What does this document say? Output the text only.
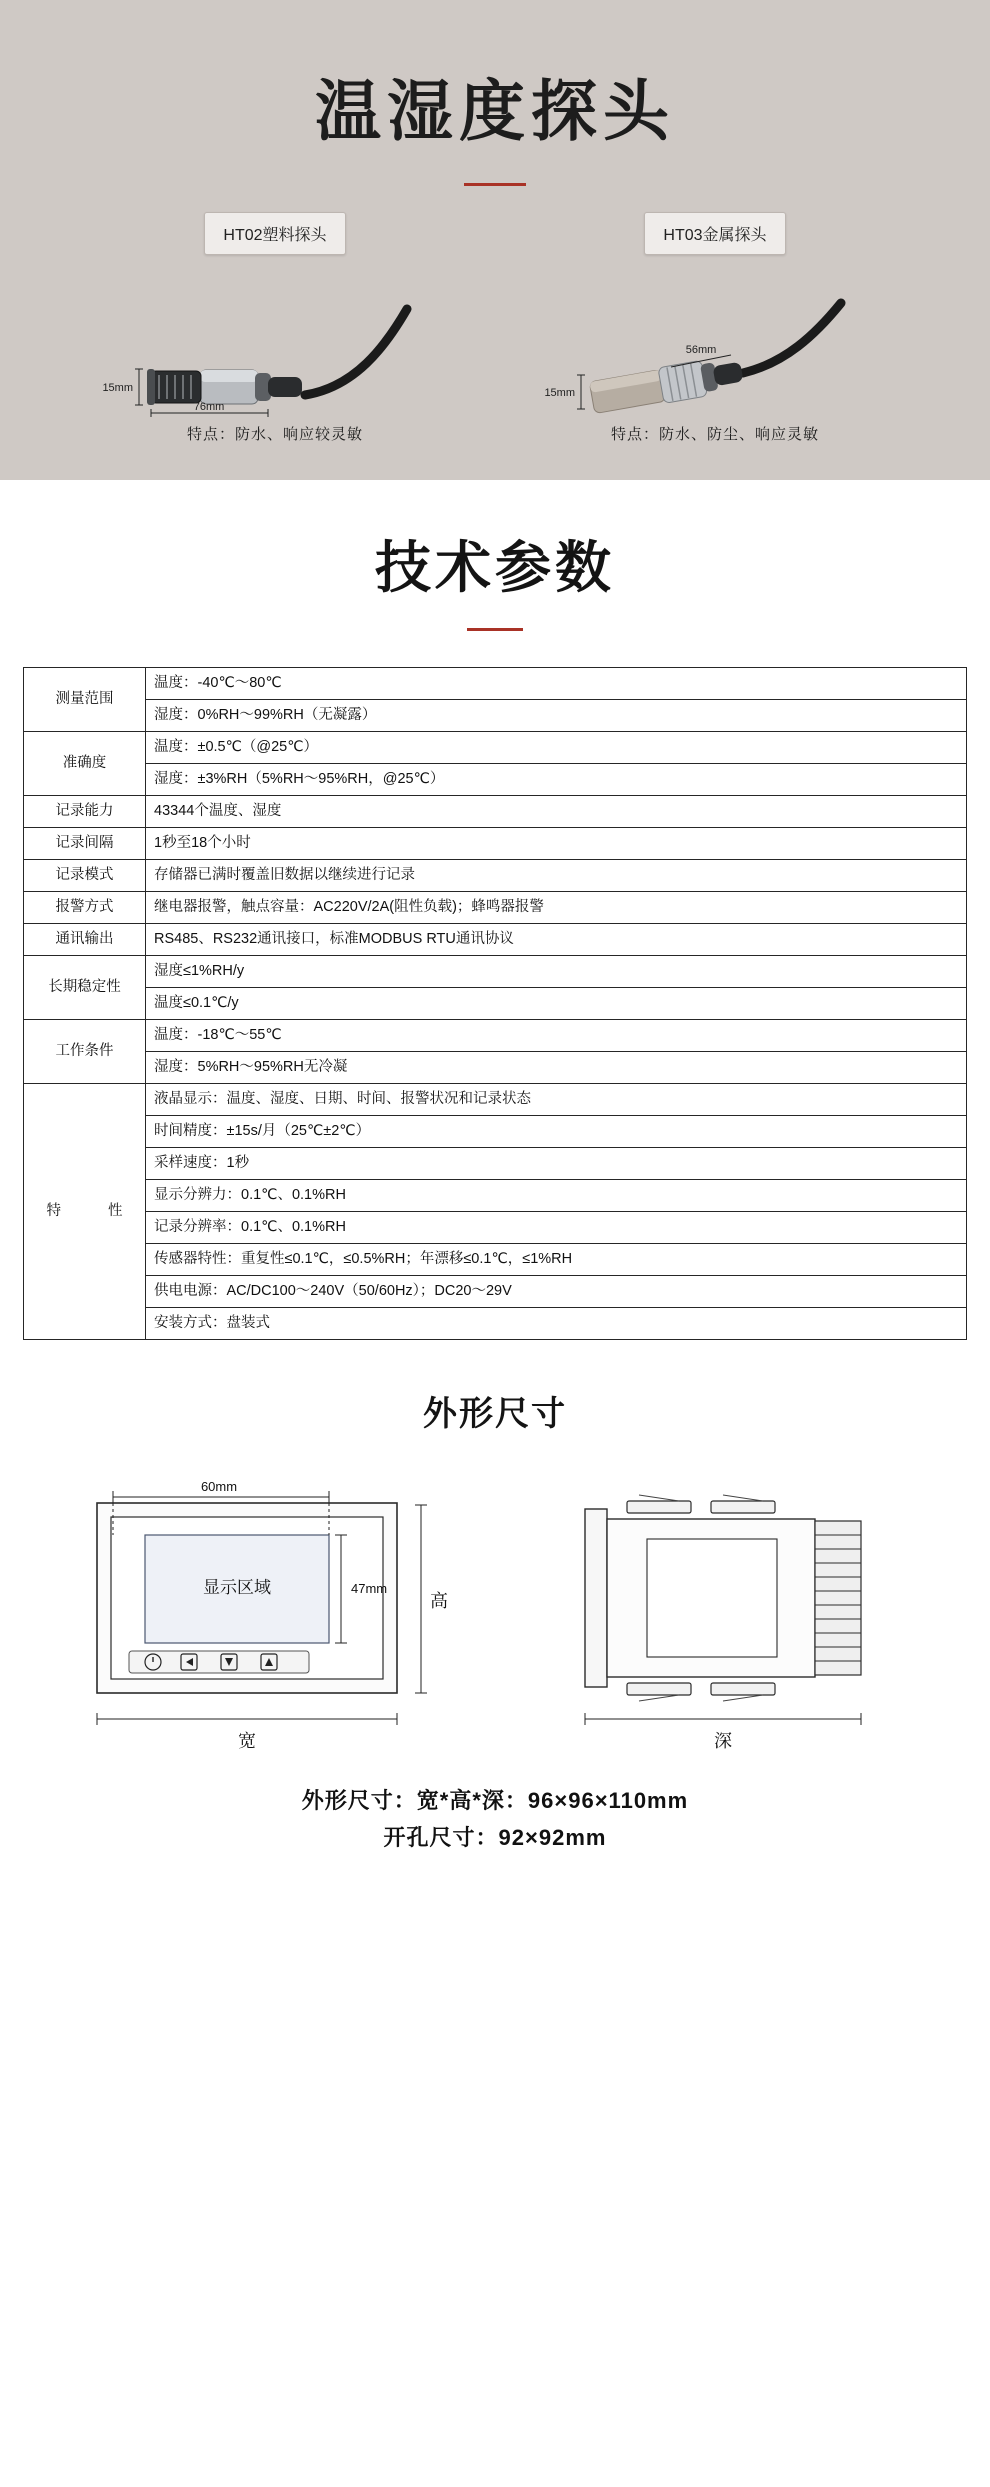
温湿度探头
HT02塑料探头
15mm
76mm
特点：防水、响应较灵敏
HT03金属探头
15mm
56mm
特点：防水、防尘、响应灵敏
技术参数
测量范围	温度：-40℃～80℃
	湿度：0%RH～99%RH（无凝露）
准确度	温度：±0.5℃（@25℃）
	湿度：±3%RH（5%RH～95%RH，@25℃）
记录能力	43344个温度、湿度
记录间隔	1秒至18个小时
记录模式	存储器已满时覆盖旧数据以继续进行记录
报警方式	继电器报警，触点容量：AC220V/2A(阻性负载)；蜂鸣器报警
通讯输出	RS485、RS232通讯接口，标准MODBUS RTU通讯协议
长期稳定性	湿度≤1%RH/y
	温度≤0.1℃/y
工作条件	温度：-18℃～55℃
	湿度：5%RH～95%RH无冷凝
特　　性	液晶显示：温度、湿度、日期、时间、报警状况和记录状态
	时间精度：±15s/月（25℃±2℃）
	采样速度：1秒
	显示分辨力：0.1℃、0.1%RH
	记录分辨率：0.1℃、0.1%RH
	传感器特性：重复性≤0.1℃，≤0.5%RH；年漂移≤0.1℃，≤1%RH
	供电电源：AC/DC100～240V（50/60Hz）；DC20～29V
	安装方式：盘装式
外形尺寸
显示区域
60mm
47mm
高
宽	深
外形尺寸：宽*高*深：96×96×110mm
开孔尺寸：92×92mm
